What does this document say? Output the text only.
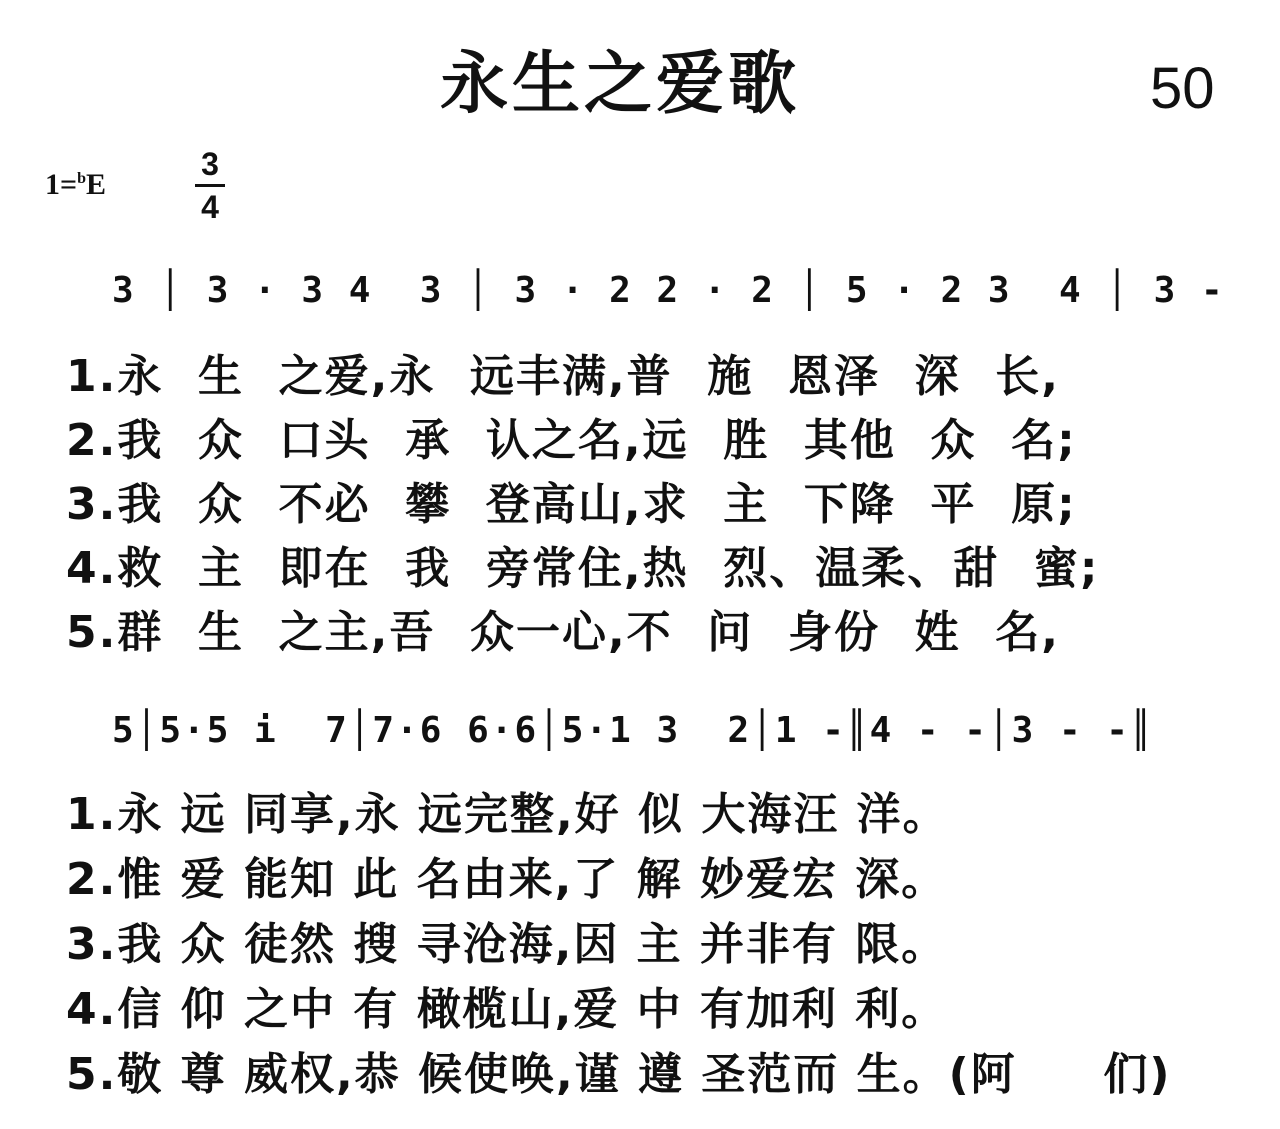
永生之爱歌	50
1=$^b$E
3
4
3 │ 3 · 3 4  3 │ 3 · 2 2 · 2 │ 5 · 2 3  4 │ 3 -
1.永  生  之爱,永  远丰满,普  施  恩泽  深  长,
2.我  众  口头  承  认之名,远  胜  其他  众  名;
3.我  众  不必  攀  登高山,求  主  下降  平  原;
4.救  主  即在  我  旁常住,热  烈、温柔、甜  蜜;
5.群  生  之主,吾  众一心,不  问  身份  姓  名,
5│5·5 i  7│7·6 6·6│5·1 3  2│1 -║4 - -│3 - -║
1.永 远 同享,永 远完整,好 似 大海汪 洋。
2.惟 爱 能知 此 名由来,了 解 妙爱宏 深。
3.我 众 徒然 搜 寻沧海,因 主 并非有 限。
4.信 仰 之中 有 橄榄山,爱 中 有加利 利。
5.敬 尊 威权,恭 候使唤,谨 遵 圣范而 生。(阿     们)
